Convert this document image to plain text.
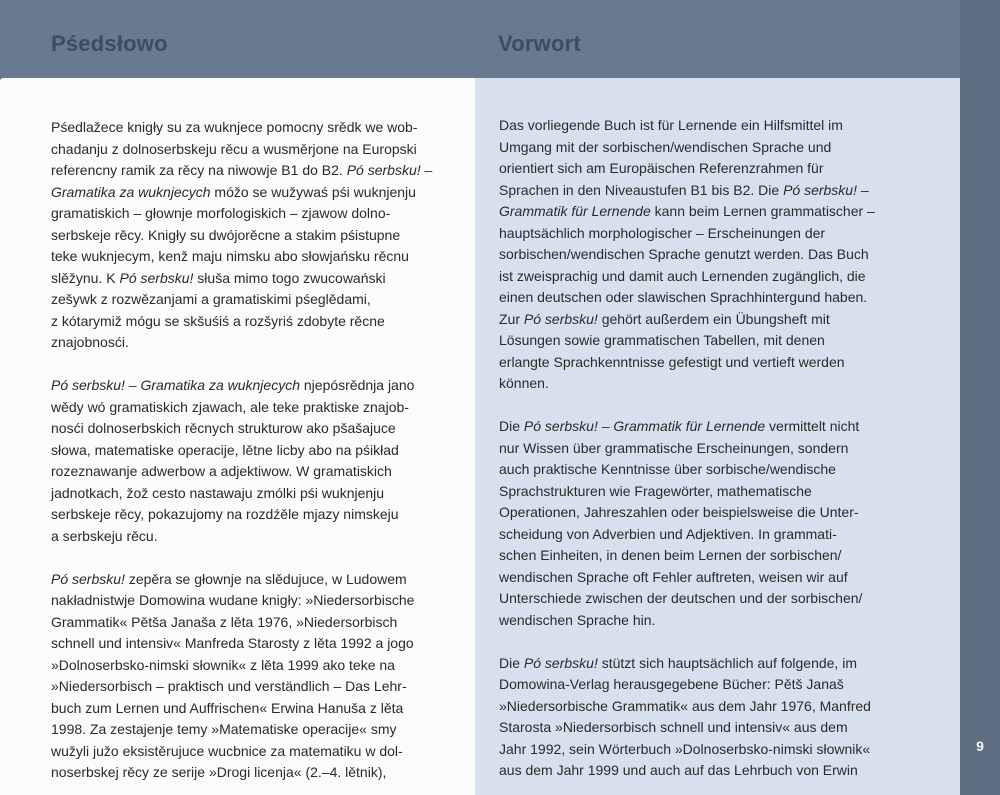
Pśedsłowo	Vorwort
9
Pśedlažece knigły su za wuknjece pomocny srědk we wob-
chadanju z dolnoserbskeju rěcu a wusměrjone na Europski
referencny ramik za rěcy na niwowje B1 do B2. Pó serbsku! –
Gramatika za wuknjecych móžo se wužywaś pśi wuknjenju
gramatiskich – głownje morfologiskich – zjawow dolno-
serbskeje rěcy. Knigły su dwójorěcne a stakim pśistupne
teke wuknjecym, kenž maju nimsku abo słowjańsku rěcnu
slěžynu. K Pó serbsku! słuša mimo togo zwucowański
zešywk z rozwězanjami a gramatiskimi pśeglědami,
z kótarymiž mógu se skšuśiś a rozšyriś zdobyte rěcne
znajobnosći.
Pó serbsku! – Gramatika za wuknjecych njepósrědnja jano
wědy wó gramatiskich zjawach, ale teke praktiske znajob-
nosći dolnoserbskich rěcnych strukturow ako pšašajuce
słowa, matematiske operacije, lětne licby abo na pśikład
rozeznawanje adwerbow a adjektiwow. W gramatiskich
jadnotkach, žož cesto nastawaju zmólki pśi wuknjenju
serbskeje rěcy, pokazujomy na rozdźěle mjazy nimskeju
a serbskeju rěcu.
Pó serbsku! zepěra se głownje na slědujuce, w Ludowem
nakładnistwje Domowina wudane knigły: »Niedersorbische
Grammatik« Pětša Janaša z lěta 1976, »Niedersorbisch
schnell und intensiv« Manfreda Starosty z lěta 1992 a jogo
»Dolnoserbsko-nimski słownik« z lěta 1999 ako teke na
»Niedersorbisch – praktisch und verständlich – Das Lehr-
buch zum Lernen und Auffrischen« Erwina Hanuša z lěta
1998. Za zestajenje temy »Matematiske operacije« smy
wužyli južo eksistěrujuce wucbnice za matematiku w dol-
noserbskej rěcy ze serije »Drogi licenja« (2.–4. lětnik),
Das vorliegende Buch ist für Lernende ein Hilfsmittel im
Umgang mit der sorbischen/wendischen Sprache und
orientiert sich am Europäischen Referenzrahmen für
Sprachen in den Niveaustufen B1 bis B2. Die Pó serbsku! –
Grammatik für Lernende kann beim Lernen grammatischer –
hauptsächlich morphologischer – Erscheinungen der
sorbischen/wendischen Sprache genutzt werden. Das Buch
ist zweisprachig und damit auch Lernenden zugänglich, die
einen deutschen oder slawischen Sprachhintergund haben.
Zur Pó serbsku! gehört außerdem ein Übungsheft mit
Lösungen sowie grammatischen Tabellen, mit denen
erlangte Sprachkenntnisse gefestigt und vertieft werden
können.
Die Pó serbsku! – Grammatik für Lernende vermittelt nicht
nur Wissen über grammatische Erscheinungen, sondern
auch praktische Kenntnisse über sorbische/wendische
Sprachstrukturen wie Fragewörter, mathematische
Operationen, Jahreszahlen oder beispielsweise die Unter-
scheidung von Adverbien und Adjektiven. In grammati-
schen Einheiten, in denen beim Lernen der sorbischen/
wendischen Sprache oft Fehler auftreten, weisen wir auf
Unterschiede zwischen der deutschen und der sorbischen/
wendischen Sprache hin.
Die Pó serbsku! stützt sich hauptsächlich auf folgende, im
Domowina-Verlag herausgegebene Bücher: Pětš Janaš
»Niedersorbische Grammatik« aus dem Jahr 1976, Manfred
Starosta »Niedersorbisch schnell und intensiv« aus dem
Jahr 1992, sein Wörterbuch »Dolnoserbsko-nimski słownik«
aus dem Jahr 1999 und auch auf das Lehrbuch von Erwin
